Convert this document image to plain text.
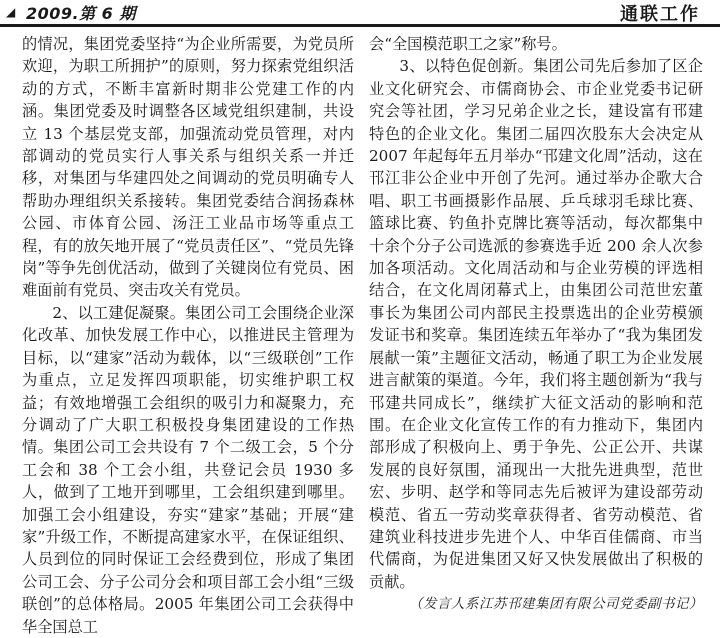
◢ 2009.第 6 期	通联工作

的情况，集团党委坚持“为企业所需要，为党员所欢迎，为职工所拥护”的原则，努力探索党组织活动的方式，不断丰富新时期非公党建工作的内涵。集团党委及时调整各区域党组织建制，共设立 13 个基层党支部，加强流动党员管理，对内部调动的党员实行人事关系与组织关系一并迁移，对集团与华建四处之间调动的党员明确专人帮助办理组织关系接转。集团党委结合润扬森林公园、市体育公园、汤汪工业品市场等重点工程，有的放矢地开展了“党员责任区”、“党员先锋岗”等争先创优活动，做到了关键岗位有党员、困难面前有党员、突击攻关有党员。

2、以工建促凝聚。集团公司工会围绕企业深化改革、加快发展工作中心，以推进民主管理为目标，以“建家”活动为载体，以“三级联创”工作为重点，立足发挥四项职能，切实维护职工权益；有效地增强工会组织的吸引力和凝聚力，充分调动了广大职工积极投身集团建设的工作热情。集团公司工会共设有 7 个二级工会，5 个分工会和 38 个工会小组，共登记会员 1930 多人，做到了工地开到哪里，工会组织建到哪里。加强工会小组建设，夯实“建家”基础；开展“建家”升级工作，不断提高建家水平，在保证组织、人员到位的同时保证工会经费到位，形成了集团公司工会、分子公司分会和项目部工会小组“三级联创”的总体格局。2005 年集团公司工会获得中华全国总工

会“全国模范职工之家”称号。

3、以特色促创新。集团公司先后参加了区企业文化研究会、市儒商协会、市企业党委书记研究会等社团，学习兄弟企业之长，建设富有邗建特色的企业文化。集团二届四次股东大会决定从 2007 年起每年五月举办“邗建文化周”活动，这在邗江非公企业中开创了先河。通过举办企歌大合唱、职工书画摄影作品展、乒乓球羽毛球比赛、篮球比赛、钓鱼扑克牌比赛等活动，每次都集中十余个分子公司选派的参赛选手近 200 余人次参加各项活动。文化周活动和与企业劳模的评选相结合，在文化周闭幕式上，由集团公司范世宏董事长为集团公司内部民主投票选出的企业劳模颁发证书和奖章。集团连续五年举办了“我为集团发展献一策”主题征文活动，畅通了职工为企业发展进言献策的渠道。今年，我们将主题创新为“我与邗建共同成长”，继续扩大征文活动的影响和范围。在企业文化宣传工作的有力推动下，集团内部形成了积极向上、勇于争先、公正公开、共谋发展的良好氛围，涌现出一大批先进典型，范世宏、步明、赵学和等同志先后被评为建设部劳动模范、省五一劳动奖章获得者、省劳动模范、省建筑业科技进步先进个人、中华百佳儒商、市当代儒商，为促进集团又好又快发展做出了积极的贡献。

（发言人系江苏邗建集团有限公司党委副书记）
